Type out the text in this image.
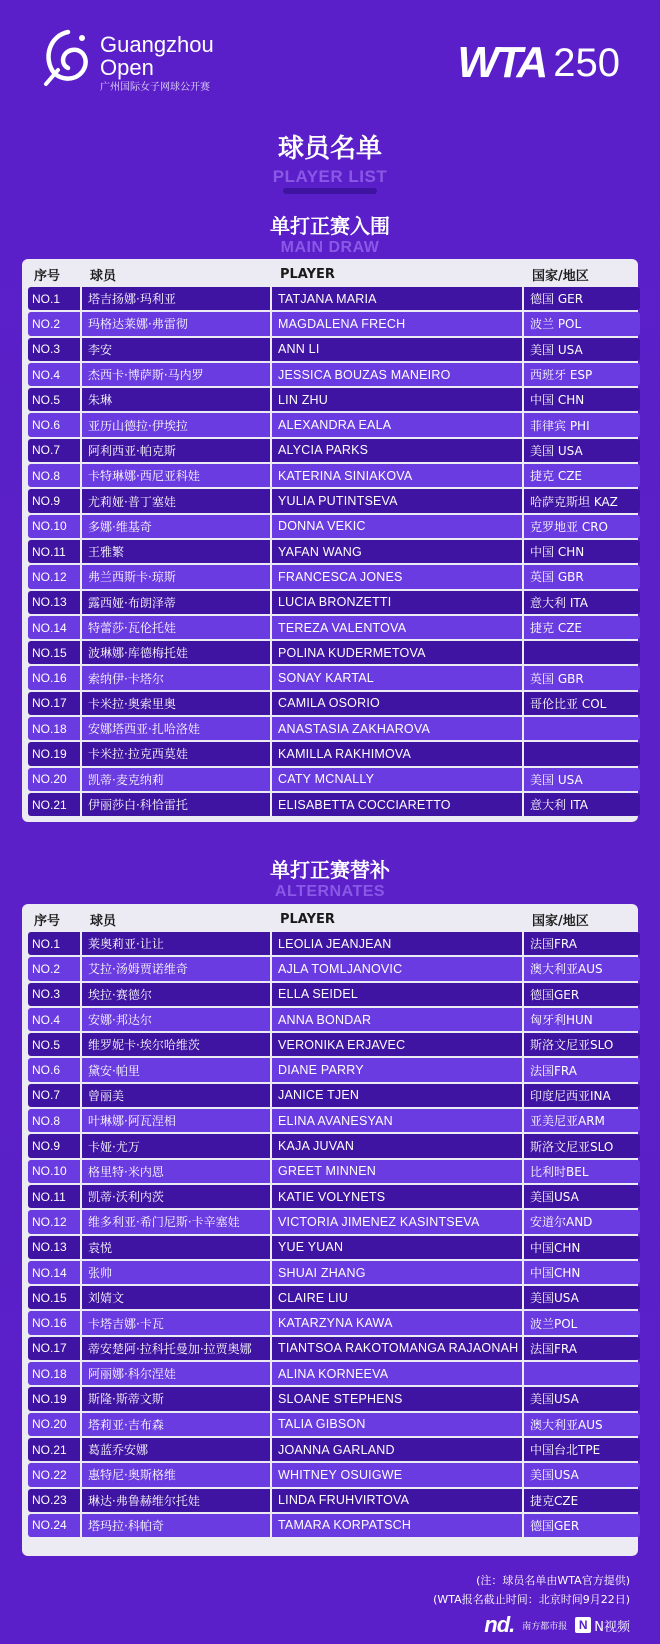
Guangzhou
Open
广州国际女子网球公开赛
WTA 250
球员名单
PLAYER LIST
单打正赛入围
MAIN DRAW
序号	球员	PLAYER	国家/地区
NO.1	塔吉扬娜·玛利亚	TATJANA MARIA	德国 GER
NO.2	玛格达莱娜·弗雷彻	MAGDALENA FRECH	波兰 POL
NO.3	李安	ANN LI	美国 USA
NO.4	杰西卡·博萨斯·马内罗	JESSICA BOUZAS MANEIRO	西班牙 ESP
NO.5	朱琳	LIN ZHU	中国 CHN
NO.6	亚历山德拉·伊埃拉	ALEXANDRA EALA	菲律宾 PHI
NO.7	阿利西亚·帕克斯	ALYCIA PARKS	美国 USA
NO.8	卡特琳娜·西尼亚科娃	KATERINA SINIAKOVA	捷克 CZE
NO.9	尤莉娅·普丁塞娃	YULIA PUTINTSEVA	哈萨克斯坦 KAZ
NO.10	多娜·维基奇	DONNA VEKIC	克罗地亚 CRO
NO.11	王雅繁	YAFAN WANG	中国 CHN
NO.12	弗兰西斯卡·琼斯	FRANCESCA JONES	英国 GBR
NO.13	露西娅·布朗泽蒂	LUCIA BRONZETTI	意大利 ITA
NO.14	特蕾莎·瓦伦托娃	TEREZA VALENTOVA	捷克 CZE
NO.15	波琳娜·库德梅托娃	POLINA KUDERMETOVA
NO.16	索纳伊·卡塔尔	SONAY KARTAL	英国 GBR
NO.17	卡米拉·奥索里奥	CAMILA OSORIO	哥伦比亚 COL
NO.18	安娜塔西亚·扎哈洛娃	ANASTASIA ZAKHAROVA
NO.19	卡米拉·拉克西莫娃	KAMILLA RAKHIMOVA
NO.20	凯蒂·麦克纳莉	CATY MCNALLY	美国 USA
NO.21	伊丽莎白·科恰雷托	ELISABETTA COCCIARETTO	意大利 ITA
单打正赛替补
ALTERNATES
序号	球员	PLAYER	国家/地区
NO.1	莱奥莉亚·让让	LEOLIA JEANJEAN	法国FRA
NO.2	艾拉·汤姆贾诺维奇	AJLA TOMLJANOVIC	澳大利亚AUS
NO.3	埃拉·赛德尔	ELLA SEIDEL	德国GER
NO.4	安娜·邦达尔	ANNA BONDAR	匈牙利HUN
NO.5	维罗妮卡·埃尔哈维茨	VERONIKA ERJAVEC	斯洛文尼亚SLO
NO.6	黛安·帕里	DIANE PARRY	法国FRA
NO.7	曾丽美	JANICE TJEN	印度尼西亚INA
NO.8	叶琳娜·阿瓦涅相	ELINA AVANESYAN	亚美尼亚ARM
NO.9	卡娅·尤万	KAJA JUVAN	斯洛文尼亚SLO
NO.10	格里特·米内恩	GREET MINNEN	比利时BEL
NO.11	凯蒂·沃利内茨	KATIE VOLYNETS	美国USA
NO.12	维多利亚·希门尼斯·卡辛塞娃	VICTORIA JIMENEZ KASINTSEVA	安道尔AND
NO.13	袁悦	YUE YUAN	中国CHN
NO.14	张帅	SHUAI ZHANG	中国CHN
NO.15	刘婧文	CLAIRE LIU	美国USA
NO.16	卡塔吉娜·卡瓦	KATARZYNA KAWA	波兰POL
NO.17	蒂安楚阿·拉科托曼加·拉贾奥娜	TIANTSOA RAKOTOMANGA RAJAONAH 法国FRA
NO.18	阿丽娜·科尔涅娃	ALINA KORNEEVA
NO.19	斯隆·斯蒂文斯	SLOANE STEPHENS	美国USA
NO.20	塔莉亚·吉布森	TALIA GIBSON	澳大利亚AUS
NO.21	葛蓝乔安娜	JOANNA GARLAND	中国台北TPE
NO.22	惠特尼·奥斯格维	WHITNEY OSUIGWE	美国USA
NO.23	琳达·弗鲁赫维尔托娃	LINDA FRUHVIRTOVA	捷克CZE
NO.24	塔玛拉·科帕奇	TAMARA KORPATSCH	德国GER
(注：球员名单由WTA官方提供)
(WTA报名截止时间：北京时间9月22日)
nd. 南方都市报 N N视频
